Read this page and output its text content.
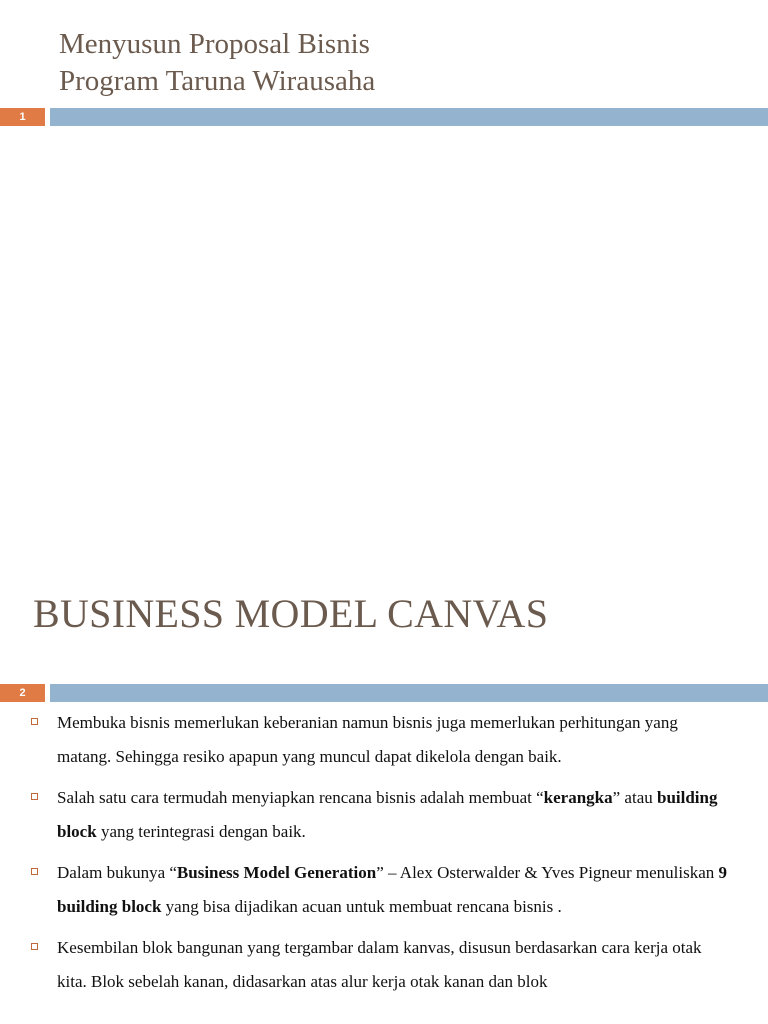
Menyusun Proposal Bisnis
Program Taruna Wirausaha
1
BUSINESS MODEL CANVAS
2
Membuka bisnis memerlukan keberanian namun bisnis juga memerlukan perhitungan yang matang. Sehingga resiko apapun yang muncul dapat dikelola dengan baik.
Salah satu cara termudah menyiapkan rencana bisnis adalah membuat “kerangka” atau building block yang terintegrasi dengan baik.
Dalam bukunya “Business Model Generation” – Alex Osterwalder & Yves Pigneur menuliskan 9 building block yang bisa dijadikan acuan untuk membuat rencana bisnis .
Kesembilan blok bangunan yang tergambar dalam kanvas, disusun berdasarkan cara kerja otak kita. Blok sebelah kanan, didasarkan atas alur kerja otak kanan dan blok
